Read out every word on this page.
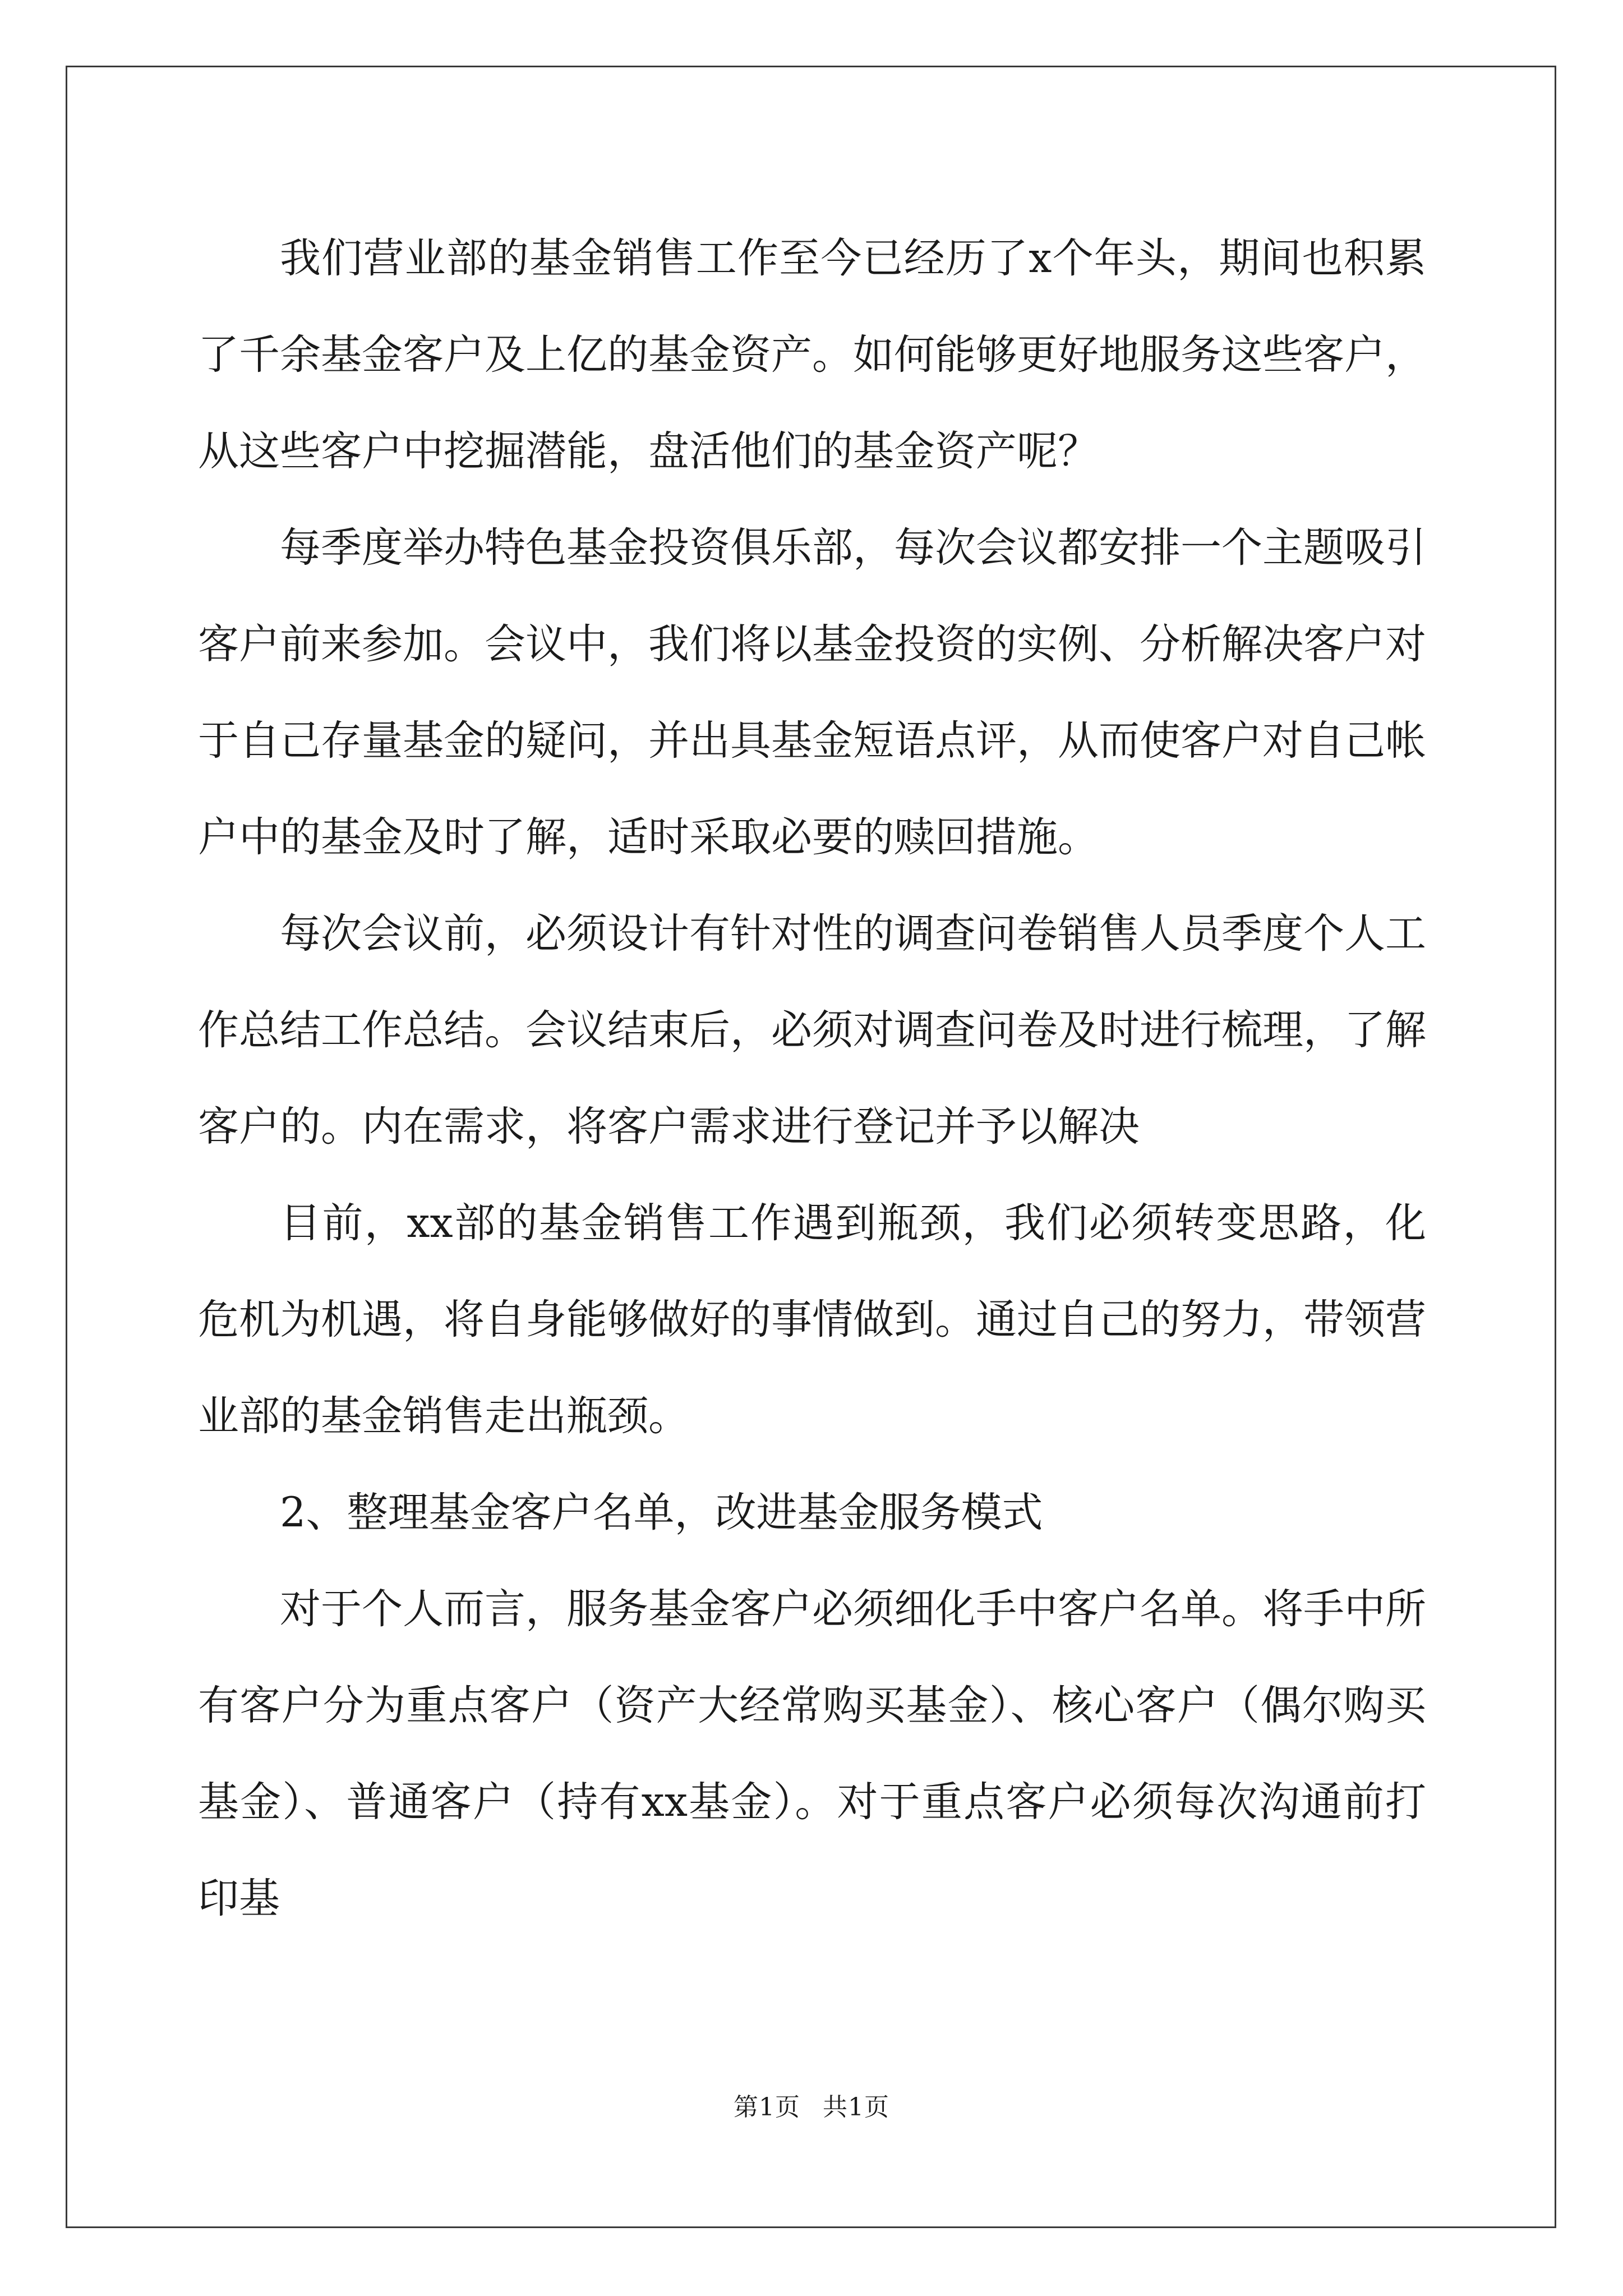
我们营业部的基金销售工作至今已经历了x个年头，期间也积累了千余基金客户及上亿的基金资产。如何能够更好地服务这些客户，从这些客户中挖掘潜能，盘活他们的基金资产呢？

每季度举办特色基金投资俱乐部，每次会议都安排一个主题吸引客户前来参加。会议中，我们将以基金投资的实例、分析解决客户对于自己存量基金的疑问，并出具基金短语点评，从而使客户对自己帐户中的基金及时了解，适时采取必要的赎回措施。

每次会议前，必须设计有针对性的调查问卷销售人员季度个人工作总结工作总结。会议结束后，必须对调查问卷及时进行梳理，了解客户的。内在需求，将客户需求进行登记并予以解决

目前，xx部的基金销售工作遇到瓶颈，我们必须转变思路，化危机为机遇，将自身能够做好的事情做到。通过自己的努力，带领营业部的基金销售走出瓶颈。

2、整理基金客户名单，改进基金服务模式

对于个人而言，服务基金客户必须细化手中客户名单。将手中所有客户分为重点客户（资产大经常购买基金）、核心客户（偶尔购买基金）、普通客户（持有xx基金）。对于重点客户必须每次沟通前打印基

第1页 共1页
